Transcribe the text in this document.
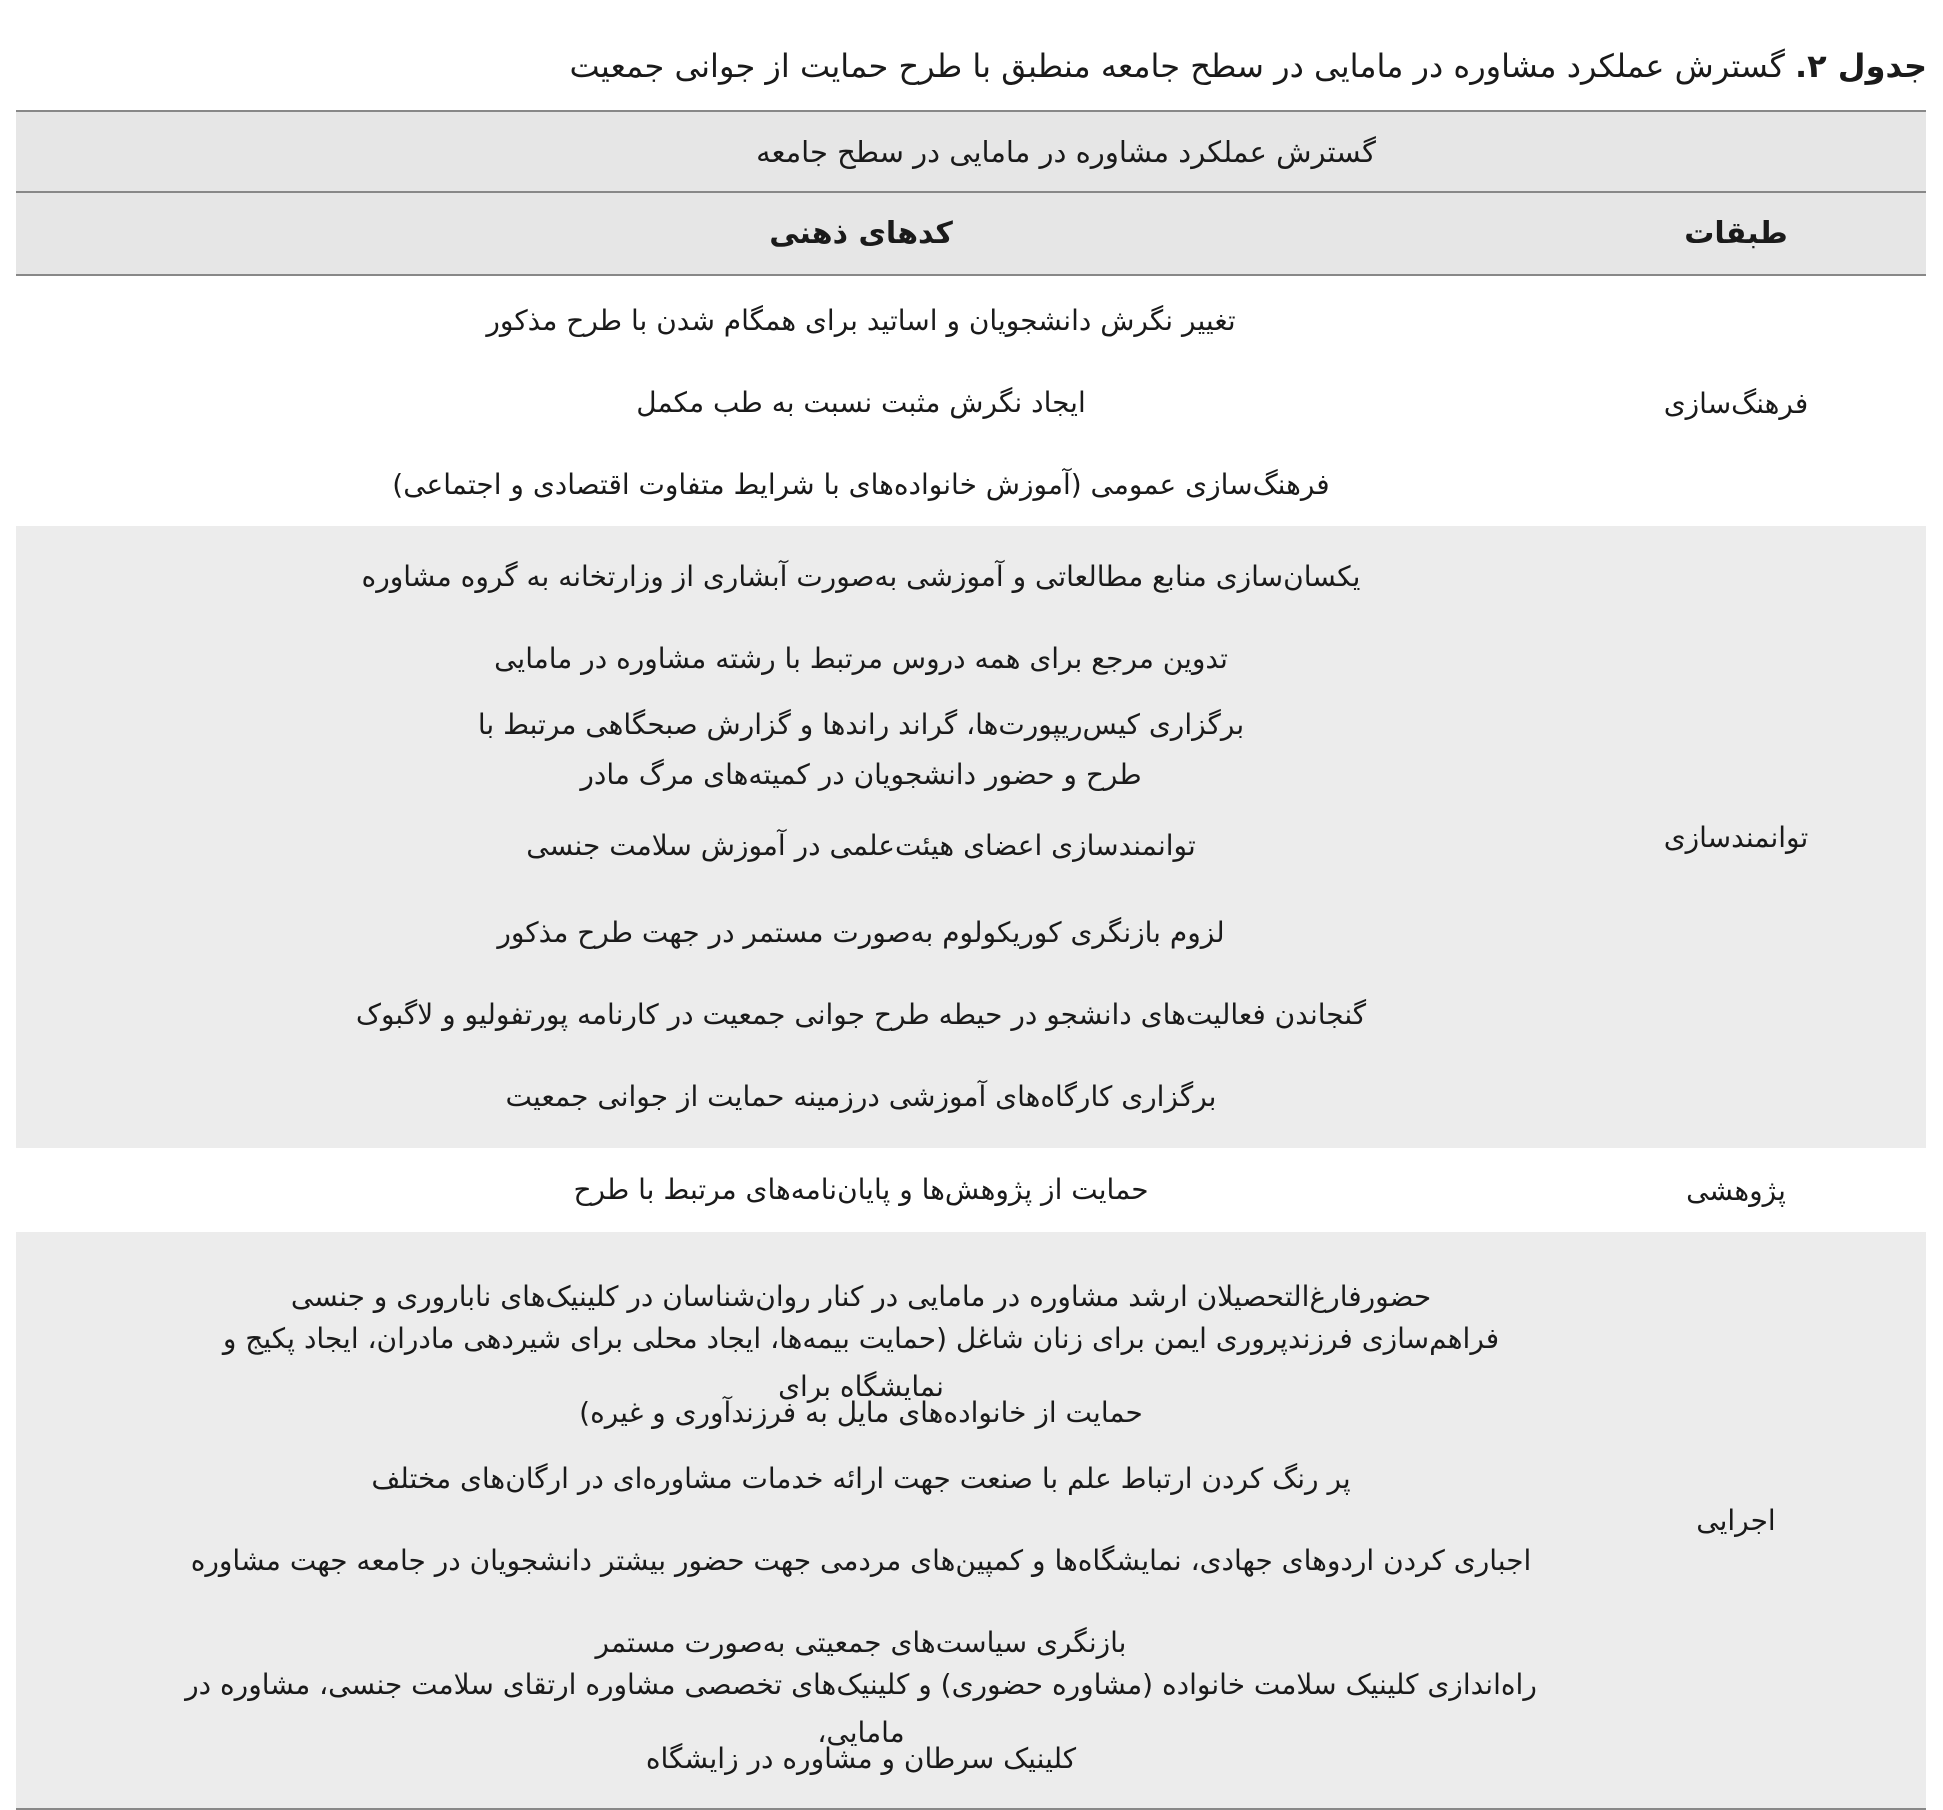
جدول ۲. گسترش عملکرد مشاوره در مامایی در سطح جامعه منطبق با طرح حمایت از جوانی جمعیت
گسترش عملکرد مشاوره در مامایی در سطح جامعه
طبقات
کدهای ذهنی
فرهنگ‌سازی
تغییر نگرش دانشجویان و اساتید برای همگام شدن با طرح مذکور
ایجاد نگرش مثبت نسبت به طب مکمل
فرهنگ‌سازی عمومی (آموزش خانواده‌های با شرایط متفاوت اقتصادی و اجتماعی)
توانمندسازی
یکسان‌سازی منابع مطالعاتی و آموزشی به‌صورت آبشاری از وزارتخانه به گروه مشاوره
تدوین مرجع برای همه دروس مرتبط با رشته مشاوره در مامایی
برگزاری کیس‌ریپورت‌ها، گراند راندها و گزارش صبحگاهی مرتبط با
طرح و حضور دانشجویان در کمیته‌های مرگ مادر
توانمندسازی اعضای هیئت‌علمی در آموزش سلامت جنسی
لزوم بازنگری کوریکولوم به‌صورت مستمر در جهت طرح مذکور
گنجاندن فعالیت‌های دانشجو در حیطه طرح جوانی جمعیت در کارنامه پورتفولیو و لاگبوک
برگزاری کارگاه‌های آموزشی درزمینه حمایت از جوانی جمعیت
پژوهشی
حمایت از پژوهش‌ها و پایان‌نامه‌های مرتبط با طرح
اجرایی
حضورفارغ‌التحصیلان ارشد مشاوره در مامایی در کنار روان‌شناسان در کلینیک‌های ناباروری و جنسی
فراهم‌سازی فرزندپروری ایمن برای زنان شاغل (حمایت بیمه‌ها، ایجاد محلی برای شیردهی مادران، ایجاد پکیج و نمایشگاه برای
حمایت از خانواده‌های مایل به فرزندآوری و غیره)
پر رنگ کردن ارتباط علم با صنعت جهت ارائه خدمات مشاوره‌ای در ارگان‌های مختلف
اجباری کردن اردوهای جهادی، نمایشگاه‌ها و کمپین‌های مردمی جهت حضور بیشتر دانشجویان در جامعه جهت مشاوره
بازنگری سیاست‌های جمعیتی به‌صورت مستمر
راه‌اندازی کلینیک سلامت خانواده (مشاوره حضوری) و کلینیک‌های تخصصی مشاوره ارتقای سلامت جنسی، مشاوره در مامایی،
کلینیک سرطان و مشاوره در زایشگاه
